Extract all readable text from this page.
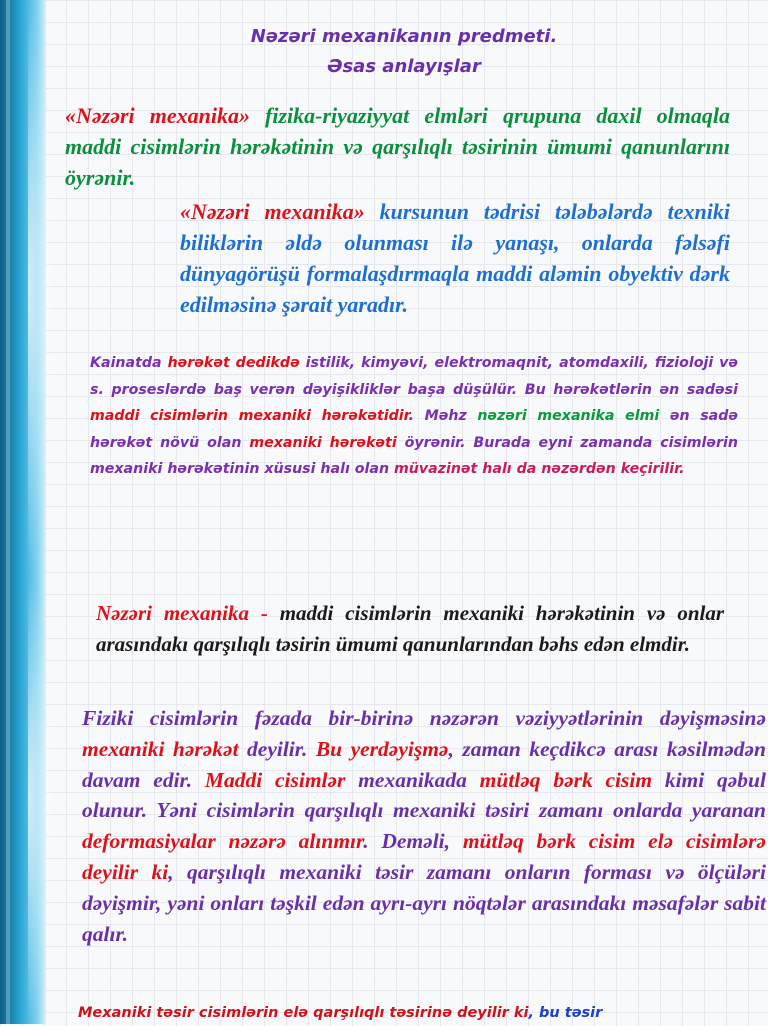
Nəzəri mexanikanın predmeti.
Əsas anlayışlar

«Nəzəri mexanika» fizika-riyaziyyat elmləri qrupuna daxil olmaqla maddi cisimlərin hərəkətinin və qarşılıqlı təsirinin ümumi qanunlarını öyrənir.

«Nəzəri mexanika» kursunun tədrisi tələbələrdə texniki biliklərin əldə olunması ilə yanaşı, onlarda fəlsəfi dünyagörüşü formalaşdırmaqla maddi aləmin obyektiv dərk edilməsinə şərait yaradır.

Kainatda hərəkət dedikdə istilik, kimyəvi, elektromaqnit, atomdaxili, fizioloji və s. proseslərdə baş verən dəyişikliklər başa düşülür. Bu hərəkətlərin ən sadəsi maddi cisimlərin mexaniki hərəkətidir. Məhz nəzəri mexanika elmi ən sadə hərəkət növü olan mexaniki hərəkəti öyrənir. Burada eyni zamanda cisimlərin mexaniki hərəkətinin xüsusi halı olan müvazinət halı da nəzərdən keçirilir.

Nəzəri mexanika - maddi cisimlərin mexaniki hərəkətinin və onlar arasındakı qarşılıqlı təsirin ümumi qanunlarından bəhs edən elmdir.

Fiziki cisimlərin fəzada bir-birinə nəzərən vəziyyətlərinin dəyişməsinə mexaniki hərəkət deyilir. Bu yerdəyişmə, zaman keçdikcə arası kəsilmədən davam edir. Maddi cisimlər mexanikada mütləq bərk cisim kimi qəbul olunur. Yəni cisimlərin qarşılıqlı mexaniki təsiri zamanı onlarda yaranan deformasiyalar nəzərə alınmır. Deməli, mütləq bərk cisim elə cisimlərə deyilir ki, qarşılıqlı mexaniki təsir zamanı onların forması və ölçüləri dəyişmir, yəni onları təşkil edən ayrı-ayrı nöqtələr arasındakı məsafələr sabit qalır.

Mexaniki təsir cisimlərin elə qarşılıqlı təsirinə deyilir ki, bu təsir
